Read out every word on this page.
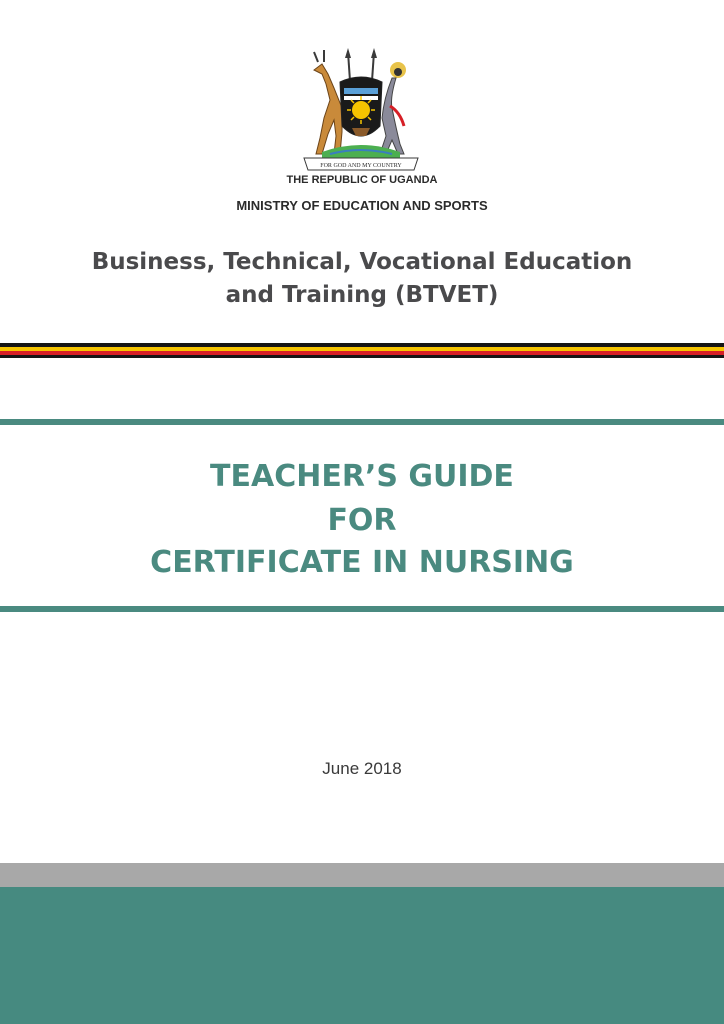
FOR GOD AND MY COUNTRY
THE REPUBLIC OF UGANDA
MINISTRY OF EDUCATION AND SPORTS
Business, Technical, Vocational Education
and Training (BTVET)
TEACHER’S GUIDE
FOR
CERTIFICATE IN NURSING
June 2018
